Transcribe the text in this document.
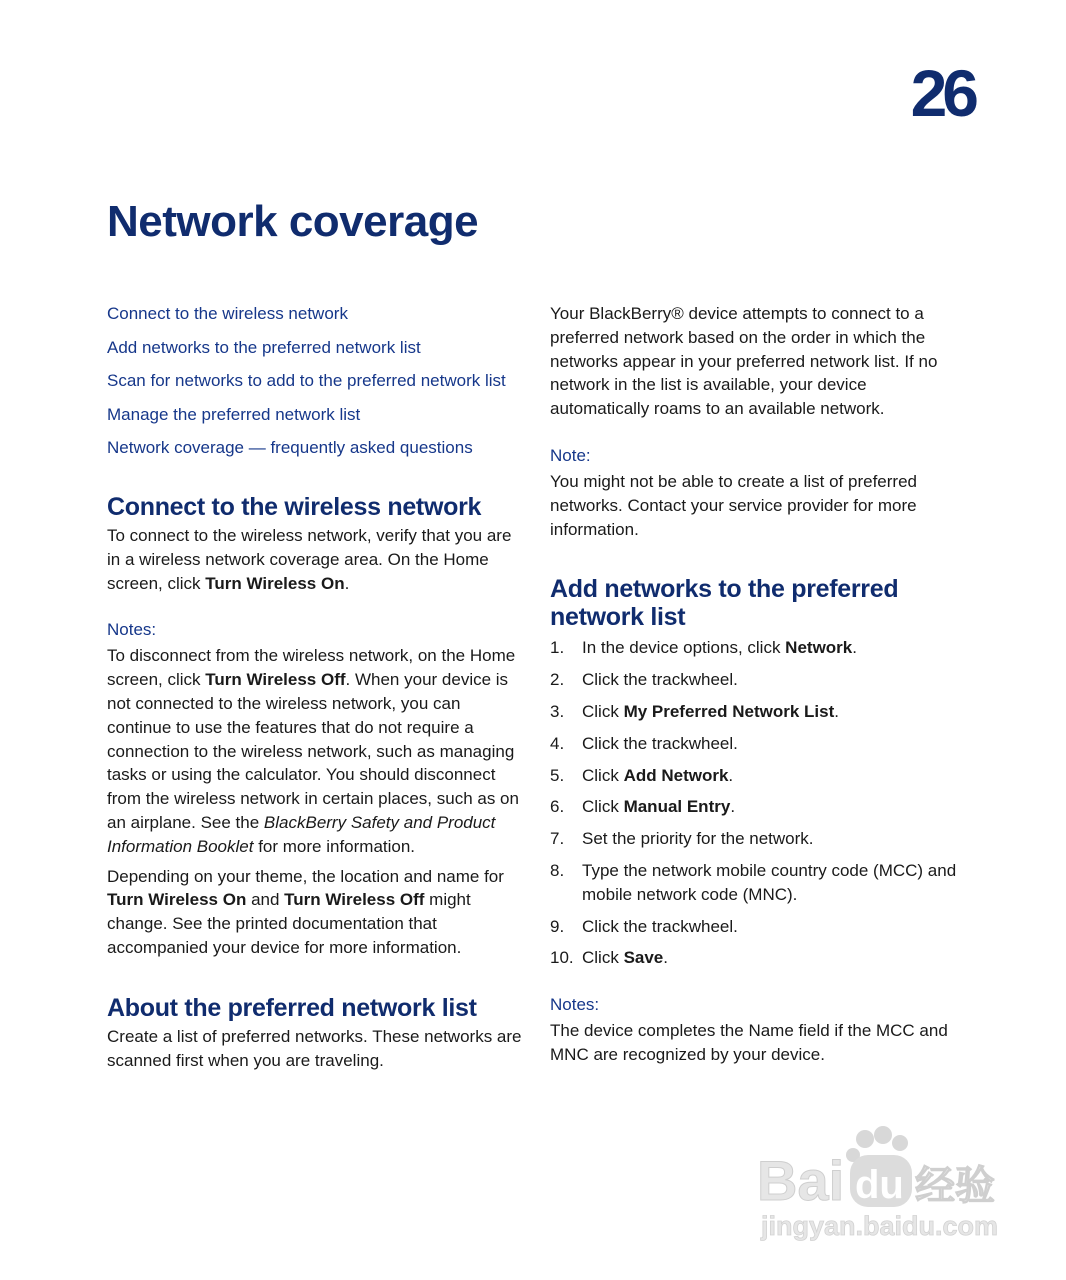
26
Network coverage
Connect to the wireless network
Add networks to the preferred network list
Scan for networks to add to the preferred network list
Manage the preferred network list
Network coverage — frequently asked questions
Connect to the wireless network

To connect to the wireless network, verify that you are in a wireless network coverage area. On the Home screen, click Turn Wireless On.

Notes:

To disconnect from the wireless network, on the Home screen, click Turn Wireless Off. When your device is not connected to the wireless network, you can continue to use the features that do not require a connection to the wireless network, such as managing tasks or using the calculator. You should disconnect from the wireless network in certain places, such as on an airplane. See the BlackBerry Safety and Product Information Booklet for more information.

Depending on your theme, the location and name for Turn Wireless On and Turn Wireless Off might change. See the printed documentation that accompanied your device for more information.

About the preferred network list

Create a list of preferred networks. These networks are scanned first when you are traveling.

Your BlackBerry® device attempts to connect to a preferred network based on the order in which the networks appear in your preferred network list. If no network in the list is available, your device automatically roams to an available network.

Note:

You might not be able to create a list of preferred networks. Contact your service provider for more information.

Add networks to the preferred
network list
1. In the device options, click Network.
2. Click the trackwheel.
3. Click My Preferred Network List.
4. Click the trackwheel.
5. Click Add Network.
6. Click Manual Entry.
7. Set the priority for the network.
8. Type the network mobile country code (MCC) and mobile network code (MNC).
9. Click the trackwheel.
10. Click Save.

Notes:

The device completes the Name field if the MCC and MNC are recognized by your device.

Bai du 经验
jingyan.baidu.com
